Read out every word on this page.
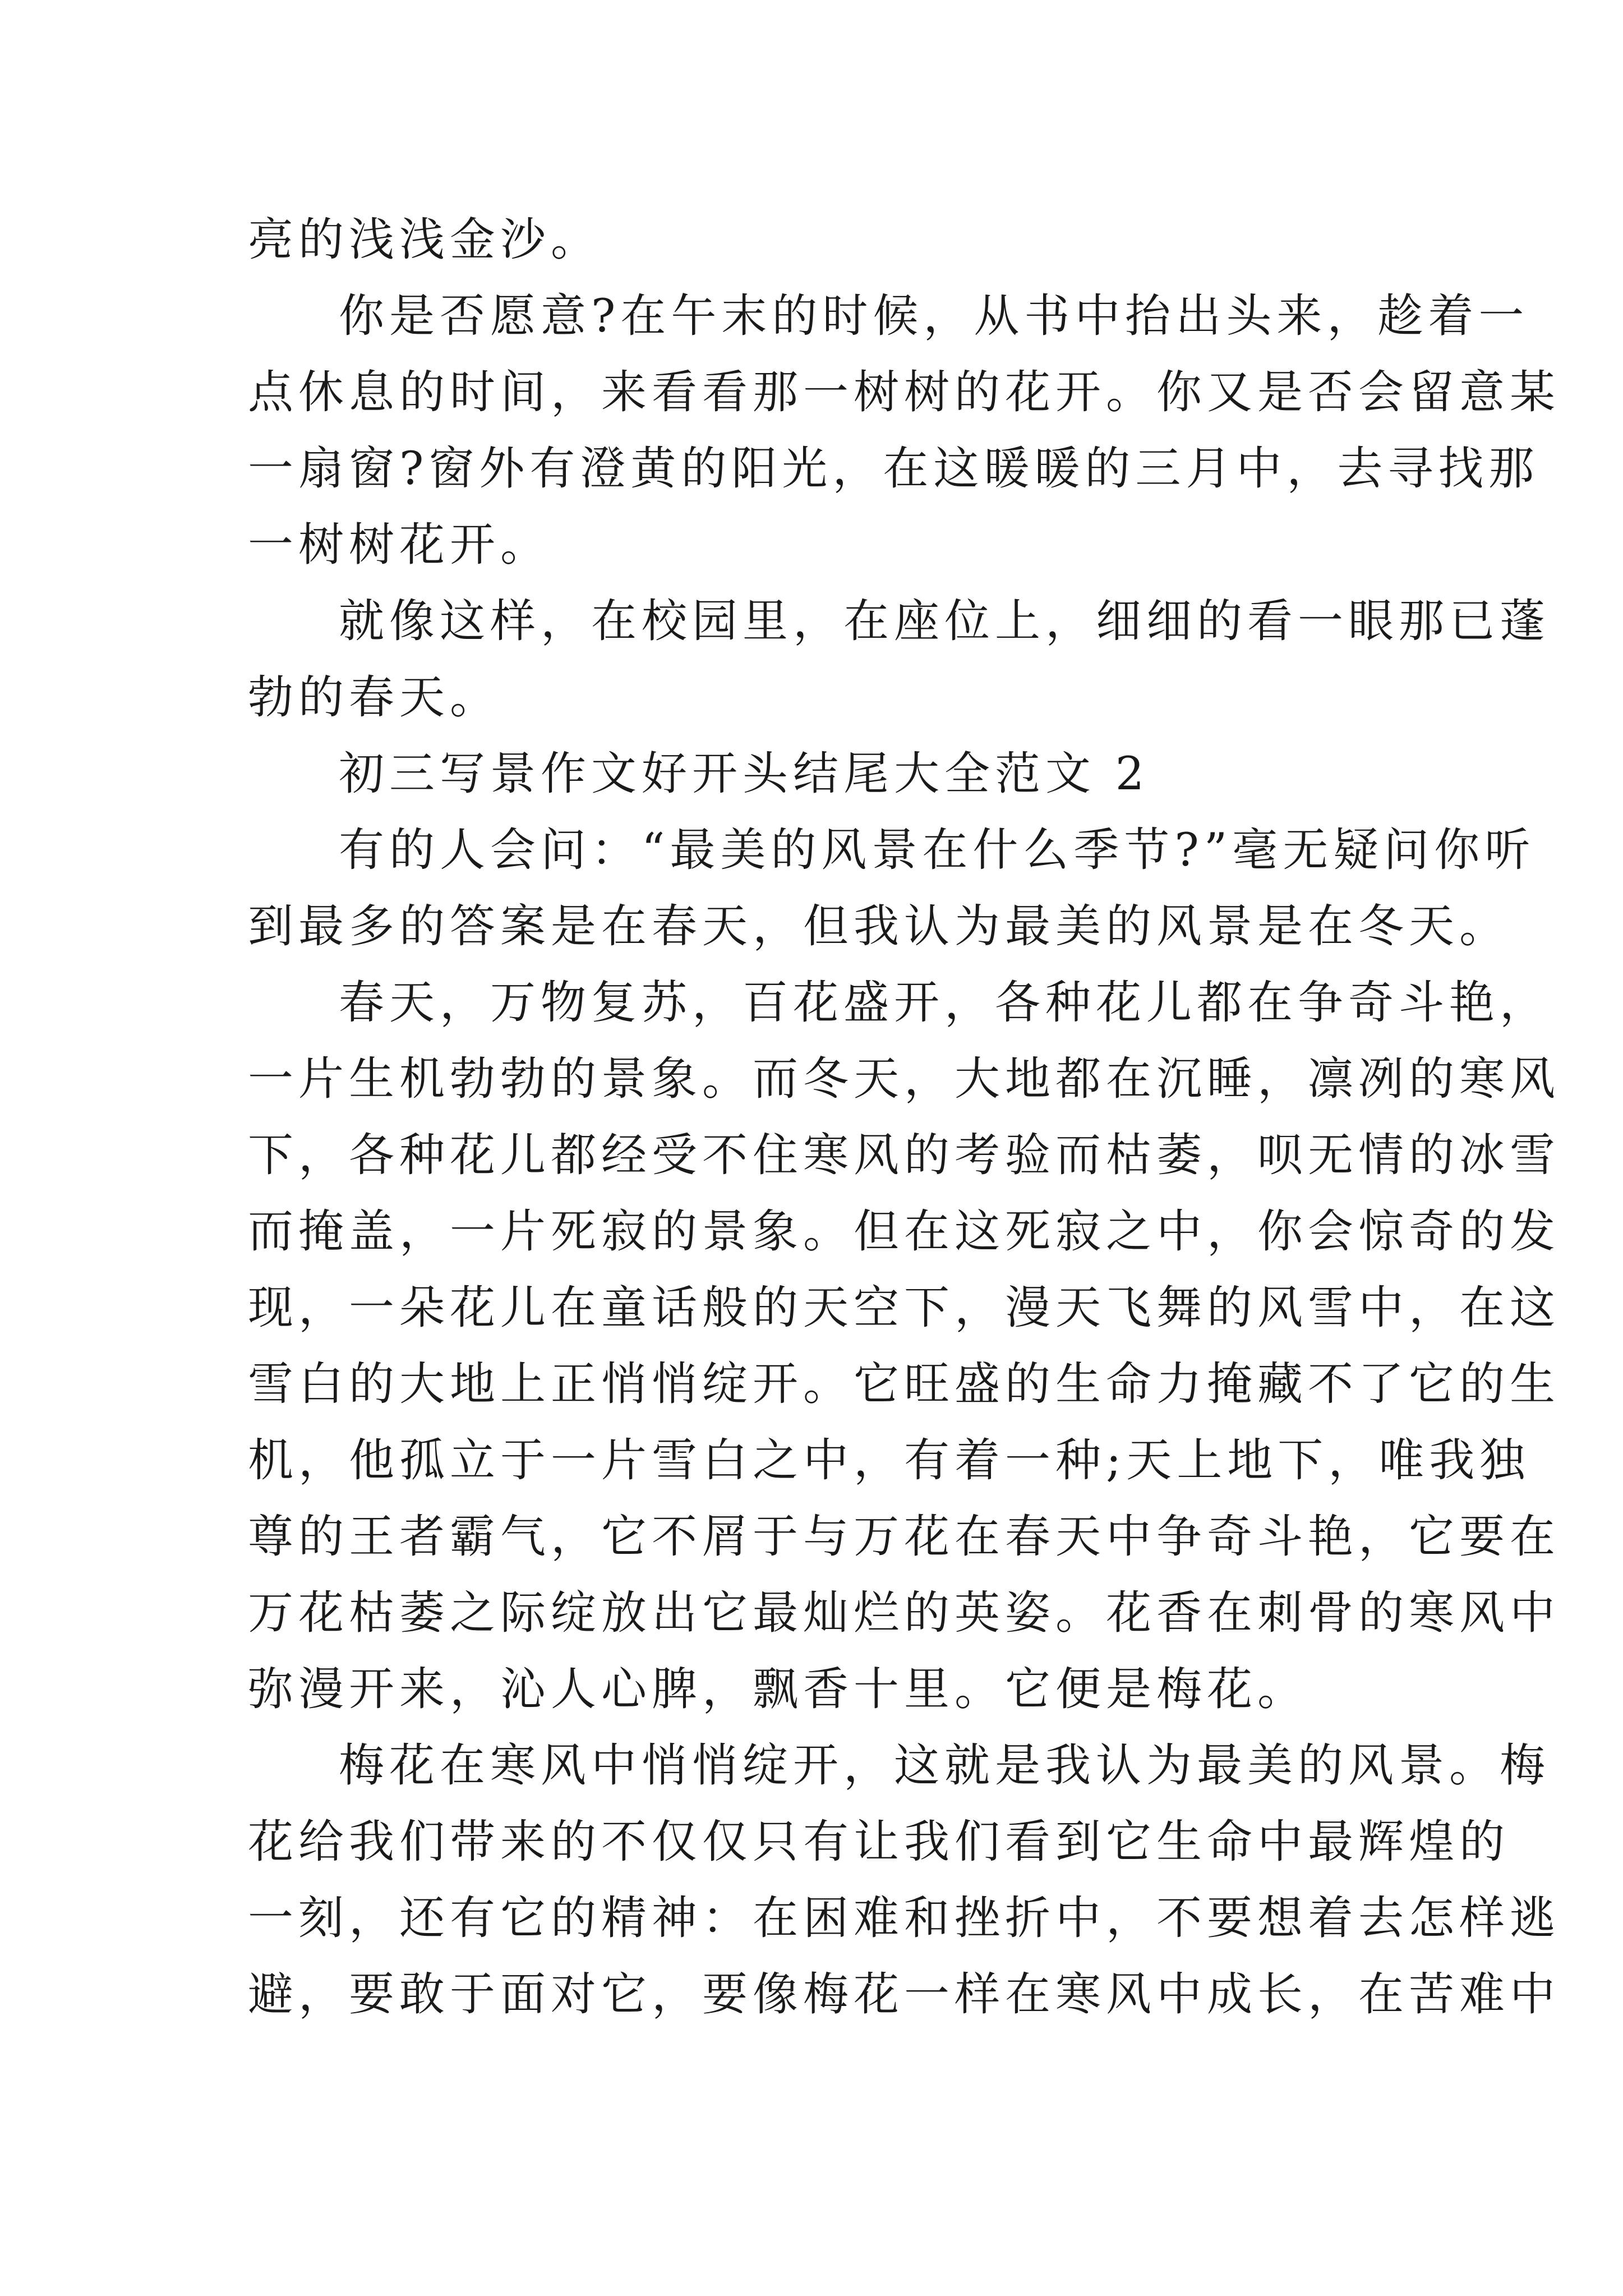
亮的浅浅金沙。
你是否愿意?在午末的时候，从书中抬出头来，趁着一
点休息的时间，来看看那一树树的花开。你又是否会留意某
一扇窗?窗外有澄黄的阳光，在这暖暖的三月中，去寻找那
一树树花开。
就像这样，在校园里，在座位上，细细的看一眼那已蓬
勃的春天。
初三写景作文好开头结尾大全范文 2
有的人会问：“最美的风景在什么季节?”毫无疑问你听
到最多的答案是在春天，但我认为最美的风景是在冬天。
春天，万物复苏，百花盛开，各种花儿都在争奇斗艳，
一片生机勃勃的景象。而冬天，大地都在沉睡，凛冽的寒风
下，各种花儿都经受不住寒风的考验而枯萎，呗无情的冰雪
而掩盖，一片死寂的景象。但在这死寂之中，你会惊奇的发
现，一朵花儿在童话般的天空下，漫天飞舞的风雪中，在这
雪白的大地上正悄悄绽开。它旺盛的生命力掩藏不了它的生
机，他孤立于一片雪白之中，有着一种;天上地下，唯我独
尊的王者霸气，它不屑于与万花在春天中争奇斗艳，它要在
万花枯萎之际绽放出它最灿烂的英姿。花香在刺骨的寒风中
弥漫开来，沁人心脾，飘香十里。它便是梅花。
梅花在寒风中悄悄绽开，这就是我认为最美的风景。梅
花给我们带来的不仅仅只有让我们看到它生命中最辉煌的
一刻，还有它的精神：在困难和挫折中，不要想着去怎样逃
避，要敢于面对它，要像梅花一样在寒风中成长，在苦难中
